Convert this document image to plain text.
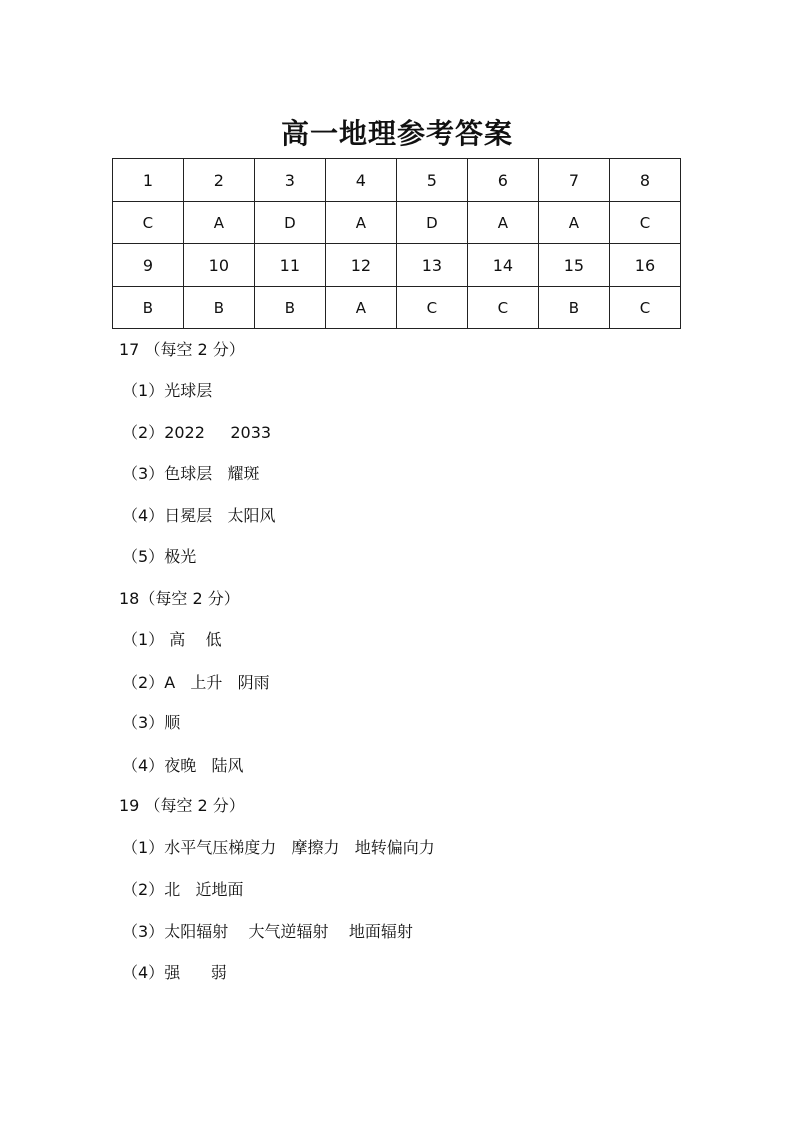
高一地理参考答案
1	2	3	4	5	6	7	8
C	A	D	A	D	A	A	C
9	10	11	12	13	14	15	16
B	B	B	A	C	C	B	C
17 （每空 2 分）
（1）光球层
（2）2022     2033
（3）色球层   耀斑
（4）日冕层   太阳风
（5）极光
18（每空 2 分）
（1） 高    低
（2）A   上升   阴雨
（3）顺
（4）夜晚   陆风
19 （每空 2 分）
（1）水平气压梯度力   摩擦力   地转偏向力
（2）北   近地面
（3）太阳辐射    大气逆辐射    地面辐射
（4）强      弱
